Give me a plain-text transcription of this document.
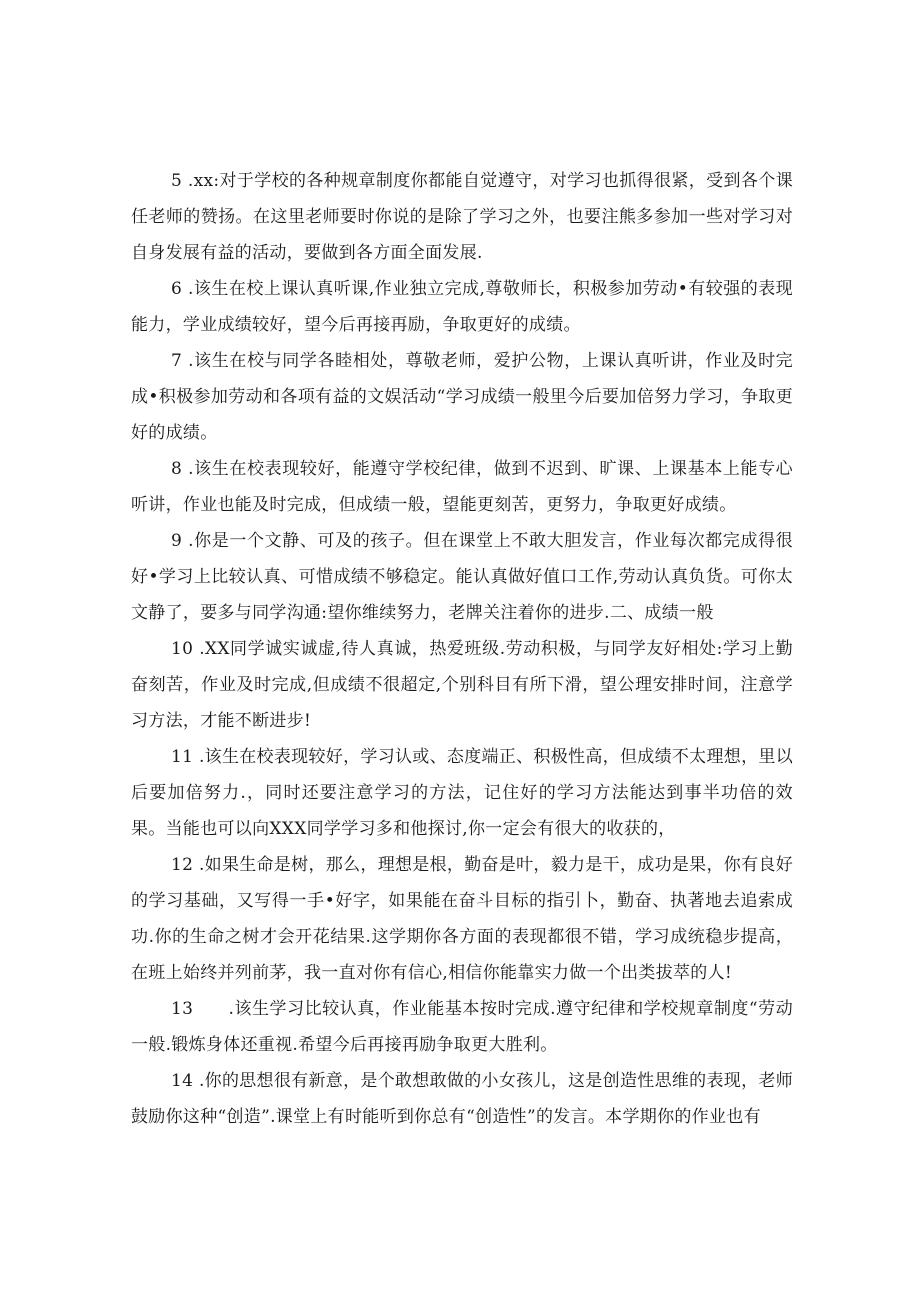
5 .xx:对于学校的各种规章制度你都能自觉遵守，对学习也抓得很紧，受到各个课任老师的赞扬。在这里老师要时你说的是除了学习之外，也要注熊多参加一些对学习对自身发展有益的活动，要做到各方面全面发展.

6 .该生在校上课认真听课,作业独立完成,尊敬师长，积极参加劳动•有较强的表现能力，学业成绩较好，望今后再接再励，争取更好的成绩。

7 .该生在校与同学各睦相处，尊敬老师，爱护公物，上课认真听讲，作业及时完成•积极参加劳动和各项有益的文娱活动“学习成绩一般里今后要加倍努力学习，争取更好的成绩。

8 .该生在校表现较好，能遵守学校纪律，做到不迟到、旷课、上课基本上能专心听讲，作业也能及时完成，但成绩一般，望能更刻苦，更努力，争取更好成绩。

9 .你是一个文静、可及的孩子。但在课堂上不敢大胆发言，作业每次都完成得很好•学习上比较认真、可惜成绩不够稳定。能认真做好值口工作,劳动认真负货。可你太文静了，要多与同学沟通:望你维续努力，老牌关注着你的进步.二、成绩一般

10 .XX同学诚实诚虚,待人真诚，热爱班级.劳动积极，与同学友好相处:学习上勤奋刻苦，作业及时完成,但成绩不很超定,个别科目有所下滑，望公理安排时间，注意学习方法，才能不断进步!

11 .该生在校表现较好，学习认或、态度端正、积极性高，但成绩不太理想，里以后要加倍努力.，同时还要注意学习的方法，记住好的学习方法能达到事半功倍的效果。当能也可以向XXX同学学习多和他探讨,你一定会有很大的收获的，

12 .如果生命是树，那么，理想是根，勤奋是叶，毅力是干，成功是果，你有良好的学习基础，又写得一手•好字，如果能在奋斗目标的指引卜，勤奋、执著地去追索成功.你的生命之树才会开花结果.这学期你各方面的表现都很不错，学习成统稳步提高，在班上始终并列前茅，我一直对你有信心,相信你能靠实力做一个出类拔萃的人!

13　　.该生学习比较认真，作业能基本按时完成.遵守纪律和学校规章制度“劳动一般.锻炼身体还重视.希望今后再接再励争取更大胜利。

14 .你的思想很有新意，是个敢想敢做的小女孩儿，这是创造性思维的表现，老师鼓励你这种“创造”.课堂上有时能听到你总有“创造性”的发言。本学期你的作业也有
